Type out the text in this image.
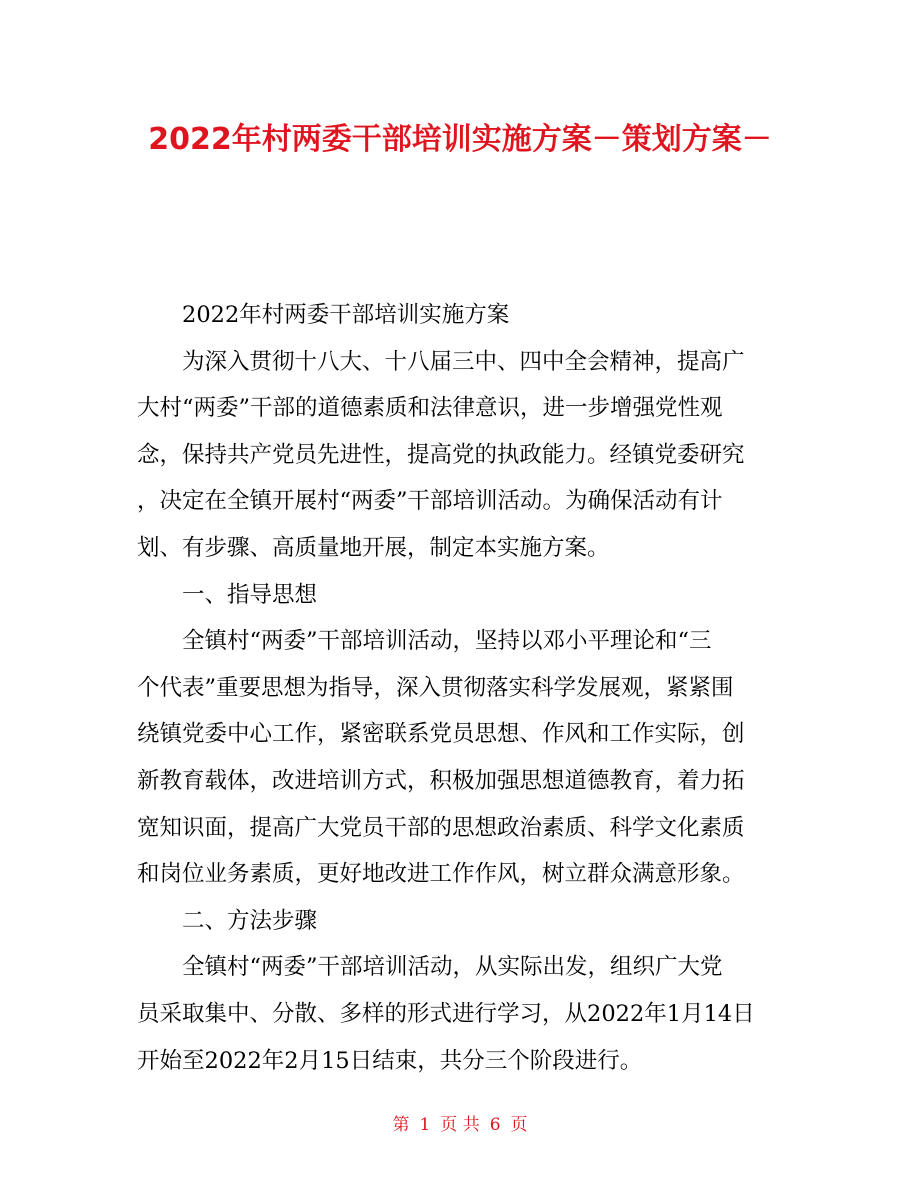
2022年村两委干部培训实施方案－策划方案－
2022年村两委干部培训实施方案
为深入贯彻十八大、十八届三中、四中全会精神，提高广
大村“两委”干部的道德素质和法律意识，进一步增强党性观
念，保持共产党员先进性，提高党的执政能力。经镇党委研究
，决定在全镇开展村“两委”干部培训活动。为确保活动有计
划、有步骤、高质量地开展，制定本实施方案。
一、指导思想
全镇村“两委”干部培训活动，坚持以邓小平理论和“三
个代表”重要思想为指导，深入贯彻落实科学发展观，紧紧围
绕镇党委中心工作，紧密联系党员思想、作风和工作实际，创
新教育载体，改进培训方式，积极加强思想道德教育，着力拓
宽知识面，提高广大党员干部的思想政治素质、科学文化素质
和岗位业务素质，更好地改进工作作风，树立群众满意形象。
二、方法步骤
全镇村“两委”干部培训活动，从实际出发，组织广大党
员采取集中、分散、多样的形式进行学习，从2022年1月14日
开始至2022年2月15日结束，共分三个阶段进行。
第 1 页 共 6 页
